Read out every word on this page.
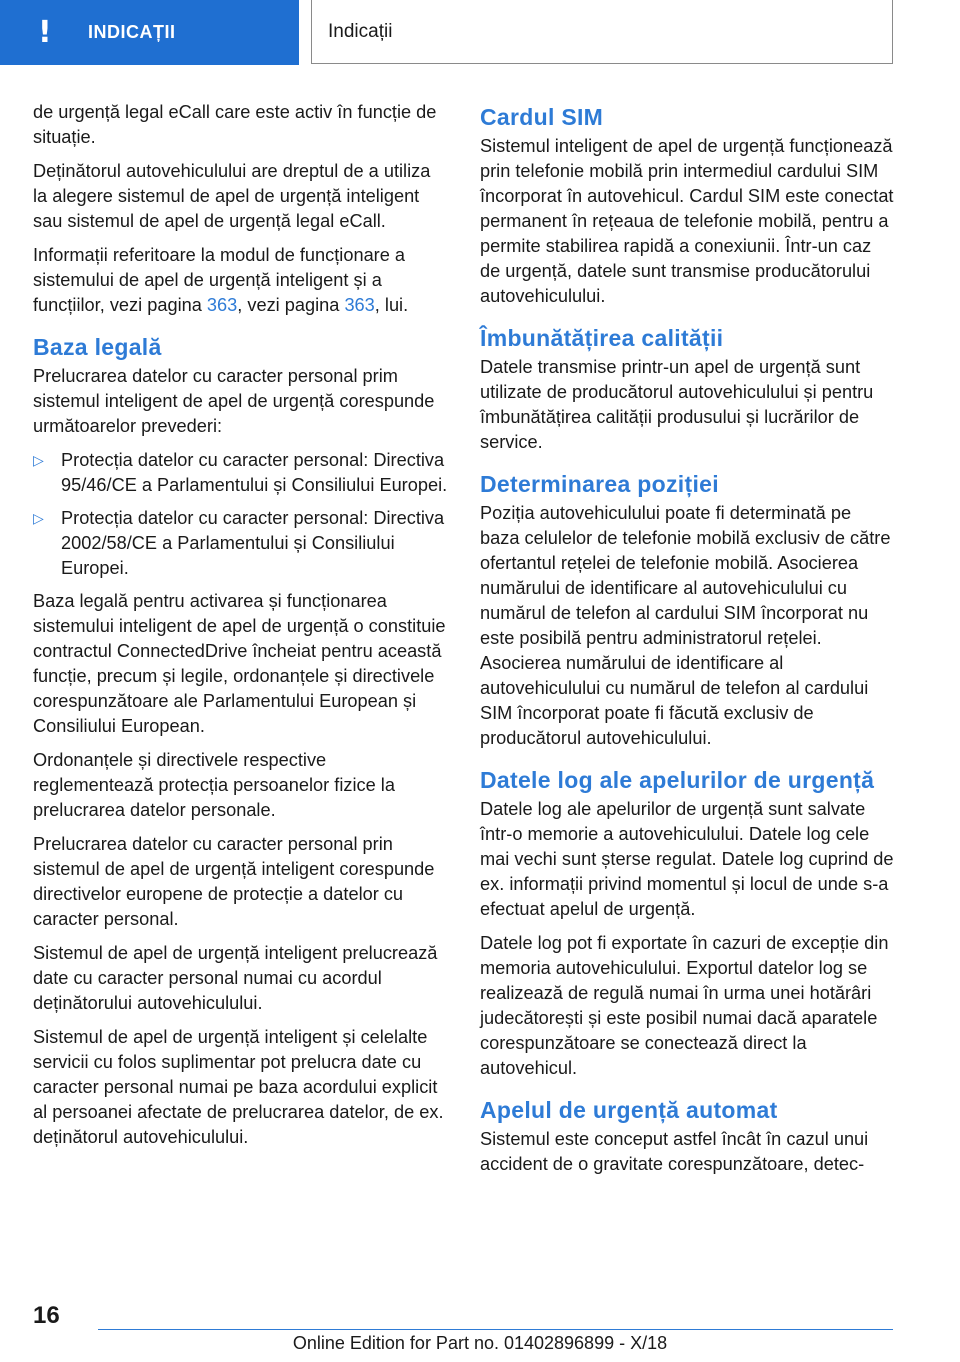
! INDICAȚII	Indicații

de urgență legal eCall care este activ în funcție de situație.

Deținătorul autovehiculului are dreptul de a utiliza la alegere sistemul de apel de urgență inteligent sau sistemul de apel de urgență legal eCall.

Informații referitoare la modul de funcționare a sistemului de apel de urgență inteligent și a funcțiilor, vezi pagina 363, vezi pagina 363, lui.

Baza legală

Prelucrarea datelor cu caracter personal prim sistemul inteligent de apel de urgență corespunde următoarelor prevederi:

▷ Protecția datelor cu caracter personal: Directiva 95/46/CE a Parlamentului și Consiliului Europei.
▷ Protecția datelor cu caracter personal: Directiva 2002/58/CE a Parlamentului și Consiliului Europei.

Baza legală pentru activarea și funcționarea sistemului inteligent de apel de urgență o constituie contractul ConnectedDrive încheiat pentru această funcție, precum și legile, ordonanțele și directivele corespunzătoare ale Parlamentului European și Consiliului European.

Ordonanțele și directivele respective reglementează protecția persoanelor fizice la prelucrarea datelor personale.

Prelucrarea datelor cu caracter personal prin sistemul de apel de urgență inteligent corespunde directivelor europene de protecție a datelor cu caracter personal.

Sistemul de apel de urgență inteligent prelucrează date cu caracter personal numai cu acordul deținătorului autovehiculului.

Sistemul de apel de urgență inteligent și celelalte servicii cu folos suplimentar pot prelucra date cu caracter personal numai pe baza acordului explicit al persoanei afectate de prelucrarea datelor, de ex. deținătorul autovehiculului.

Cardul SIM

Sistemul inteligent de apel de urgență funcționează prin telefonie mobilă prin intermediul cardului SIM încorporat în autovehicul. Cardul SIM este conectat permanent în rețeaua de telefonie mobilă, pentru a permite stabilirea rapidă a conexiunii. Într-un caz de urgență, datele sunt transmise producătorului autovehiculului.

Îmbunătățirea calității

Datele transmise printr-un apel de urgență sunt utilizate de producătorul autovehiculului și pentru îmbunătățirea calității produsului și lucrărilor de service.

Determinarea poziției

Poziția autovehiculului poate fi determinată pe baza celulelor de telefonie mobilă exclusiv de către ofertantul rețelei de telefonie mobilă. Asocierea numărului de identificare al autovehiculului cu numărul de telefon al cardului SIM încorporat nu este posibilă pentru administratorul rețelei. Asocierea numărului de identificare al autovehiculului cu numărul de telefon al cardului SIM încorporat poate fi făcută exclusiv de producătorul autovehiculului.

Datele log ale apelurilor de urgență

Datele log ale apelurilor de urgență sunt salvate într-o memorie a autovehiculului. Datele log cele mai vechi sunt șterse regulat. Datele log cuprind de ex. informații privind momentul și locul de unde s-a efectuat apelul de urgență.

Datele log pot fi exportate în cazuri de excepție din memoria autovehiculului. Exportul datelor log se realizează de regulă numai în urma unei hotărâri judecătorești și este posibil numai dacă aparatele corespunzătoare se conectează direct la autovehicul.

Apelul de urgență automat

Sistemul este conceput astfel încât în cazul unui accident de o gravitate corespunzătoare, detec-

16
Online Edition for Part no. 01402896899 - X/18
